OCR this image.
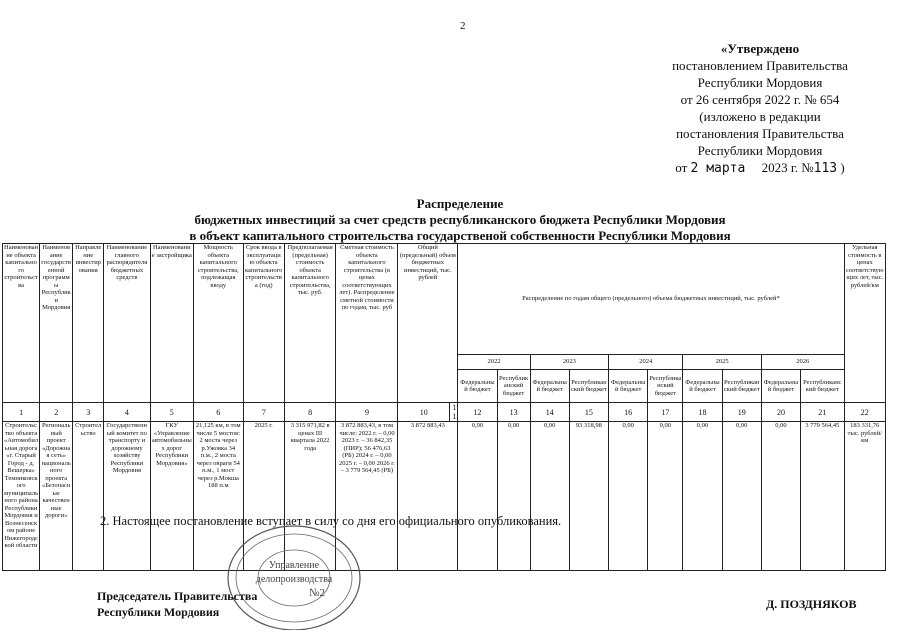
2
«Утверждено
постановлением Правительства
Республики Мордовия
от 26 сентября 2022 г. № 654
(изложено в редакции
постановления Правительства
Республики Мордовия
от 2 марта 2023 г. №113 )
Распределение
бюджетных инвестиций за счет средств республиканского бюджета Республики Мордовия
в объект капитального строительства государственой собственности Республики Мордовия
Наименование объекта капитального строительства	Наименование государственной программы Республики Мордовия	Направление инвестирования	Наименование главного распорядителя бюджетных средств	Наименование застройщика	Мощность объекта капитального строительства, подлежащая вводу	Срок ввода в эксплуатацию объекта капитального строительства (год)	Предполагаемая (предельная) стоимость объекта капитального строительства, тыс. руб.	Сметная стоимость объекта капитального строительства (в ценах соответствующих лет). Распределение сметной стоимости по годам, тыс. руб	Общий (предельный) объем бюджетных инвестиций, тыс. рублей		Распределение по годам общего (предельного) объема бюджетных инвестиций, тыс. рублей*										Удельная стоимость в ценах соответствующих лет, тыс. рублей/км
											2022		2023		2024		2025		2026		
											Федеральный бюджет	Республиканский бюджет	Федеральный бюджет	Республиканский бюджет	Федеральный бюджет	Республиканский бюджет	Федеральный бюджет	Республиканский бюджет	Федеральный бюджет	Республиканский бюджет	
1	2	3	4	5	6	7	8	9	10	11	12	13	14	15	16	17	18	19	20	21	22
Строительство объекта «Автомобильная дорога «г. Старый Город - д. Вешерка» Темниковского муниципального района Республики Мордовия и Вознесенском районе Нижегородской области	Региональный проект «Дорожная сеть» национального проекта «Безопасные качественные дороги»	Строительство	Государственный комитет по транспорту и дорожному хозяйству Республики Мордовия	ГКУ «Управление автомобильных дорог Республики Мордовия»	21,125 км, в том числе 5 мостов: 2 моста через р.Ужовка 34 п.м., 2 моста через овраги 54 п.м., 1 мост через р.Мокша 188 п.м	2025 г.	3 315 971,82 в ценах III квартала 2022 года	3 872 883,43, в том числе: 2022 г. – 0,00 2023 г. – 36 842,35 (ПИР); 56 476,63 (РБ) 2024 г. – 0,00 2025 г. – 0,00 2026 г. – 3 779 564,45 (РБ)	3 872 883,43		0,00	0,00	0,00	93 318,98	0,00	0,00	0,00	0,00	0,00	3 779 564,45	183 331,76 тыс. рублей/км
2. Настоящее постановление вступает в силу со дня его официального опубликования.
Управление
делопроизводства
№2
Председатель Правительства
Республики Мордовия
Д. ПОЗДНЯКОВ
